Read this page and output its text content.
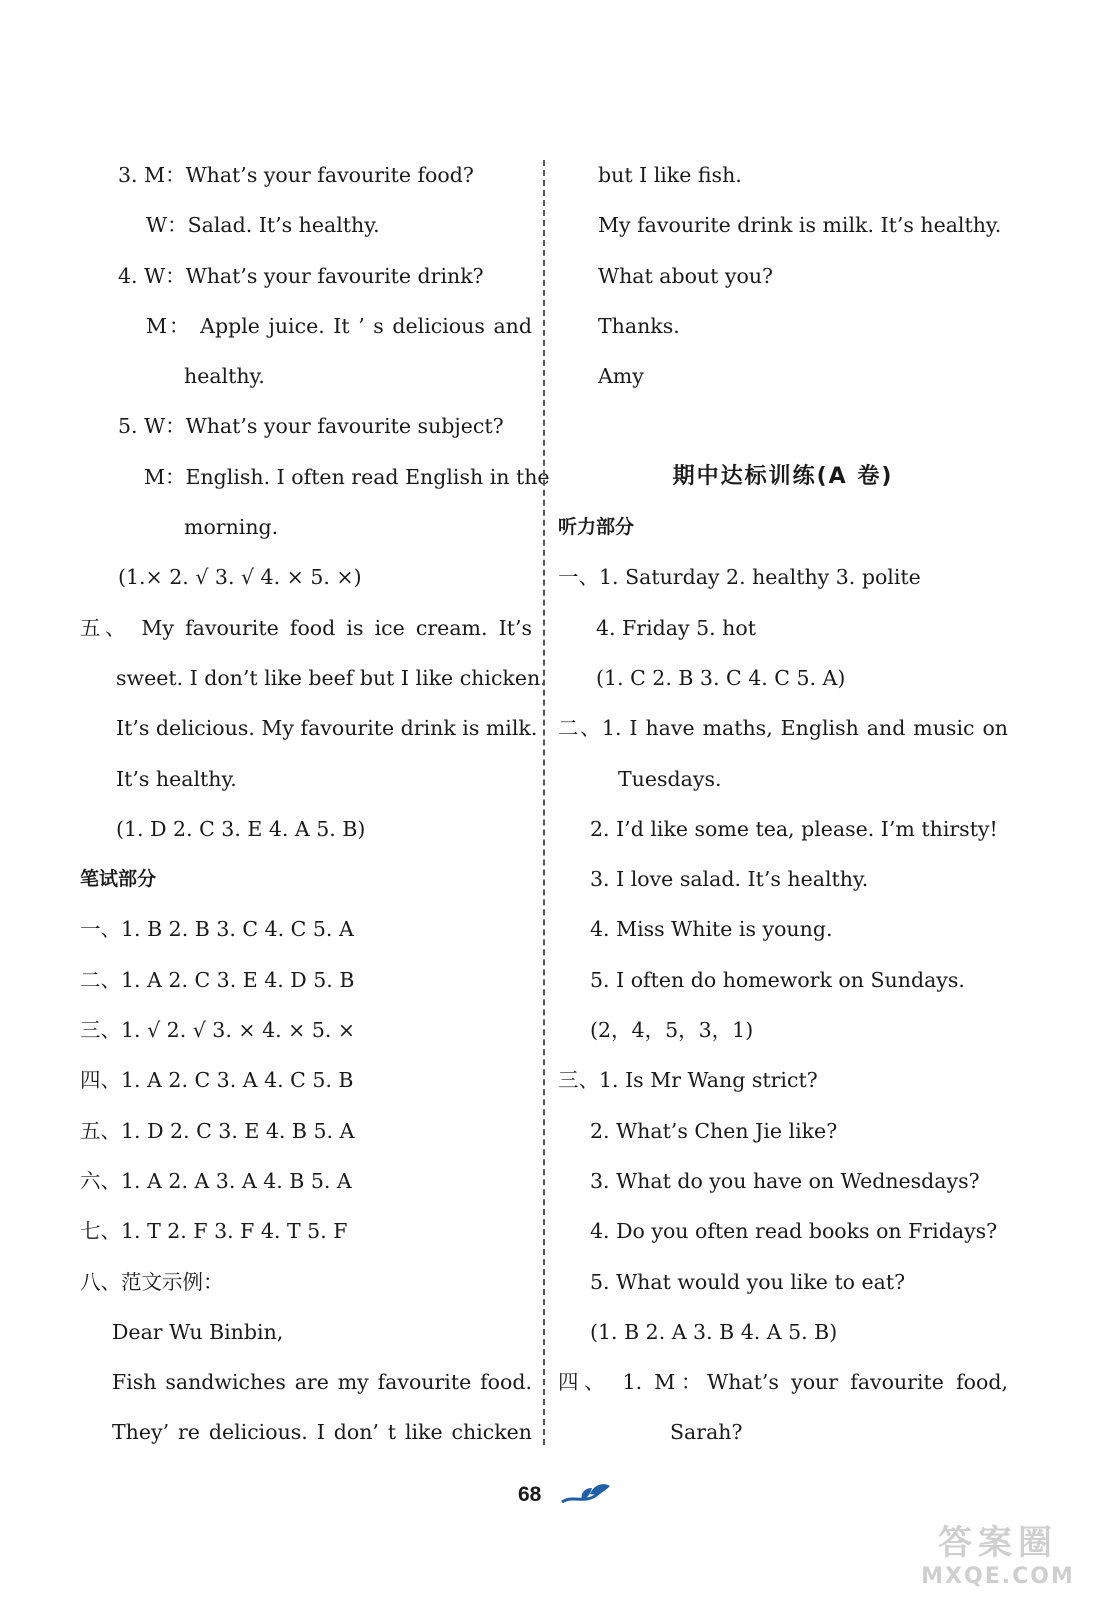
3. M：What’s your favourite food?
W：Salad. It’s healthy.
4. W：What’s your favourite drink?
M： Apple juice. It ’ s delicious and
healthy.
5. W：What’s your favourite subject?
M：English. I often read English in the
morning.
(1.× 2. √ 3. √ 4. × 5. ×)
五、 My favourite food is ice cream. It’s
sweet. I don’t like beef but I like chicken.
It’s delicious. My favourite drink is milk.
It’s healthy.
(1. D 2. C 3. E 4. A 5. B)
笔试部分
一、1. B 2. B 3. C 4. C 5. A
二、1. A 2. C 3. E 4. D 5. B
三、1. √ 2. √ 3. × 4. × 5. ×
四、1. A 2. C 3. A 4. C 5. B
五、1. D 2. C 3. E 4. B 5. A
六、1. A 2. A 3. A 4. B 5. A
七、1. T 2. F 3. F 4. T 5. F
八、范文示例：
Dear Wu Binbin,
Fish sandwiches are my favourite food.
They’ re delicious. I don’ t like chicken
but I like fish.
My favourite drink is milk. It’s healthy.
What about you?
Thanks.
Amy
期中达标训练(A 卷)
听力部分
一、1. Saturday 2. healthy 3. polite
4. Friday 5. hot
(1. C 2. B 3. C 4. C 5. A)
二、1. I have maths, English and music on
Tuesdays.
2. I’d like some tea, please. I’m thirsty!
3. I love salad. It’s healthy.
4. Miss White is young.
5. I often do homework on Sundays.
(2，4，5，3，1)
三、1. Is Mr Wang strict?
2. What’s Chen Jie like?
3. What do you have on Wednesdays?
4. Do you often read books on Fridays?
5. What would you like to eat?
(1. B 2. A 3. B 4. A 5. B)
四、 1. M：What’s your favourite food,
Sarah?
68
答案圈
MXQE.COM
